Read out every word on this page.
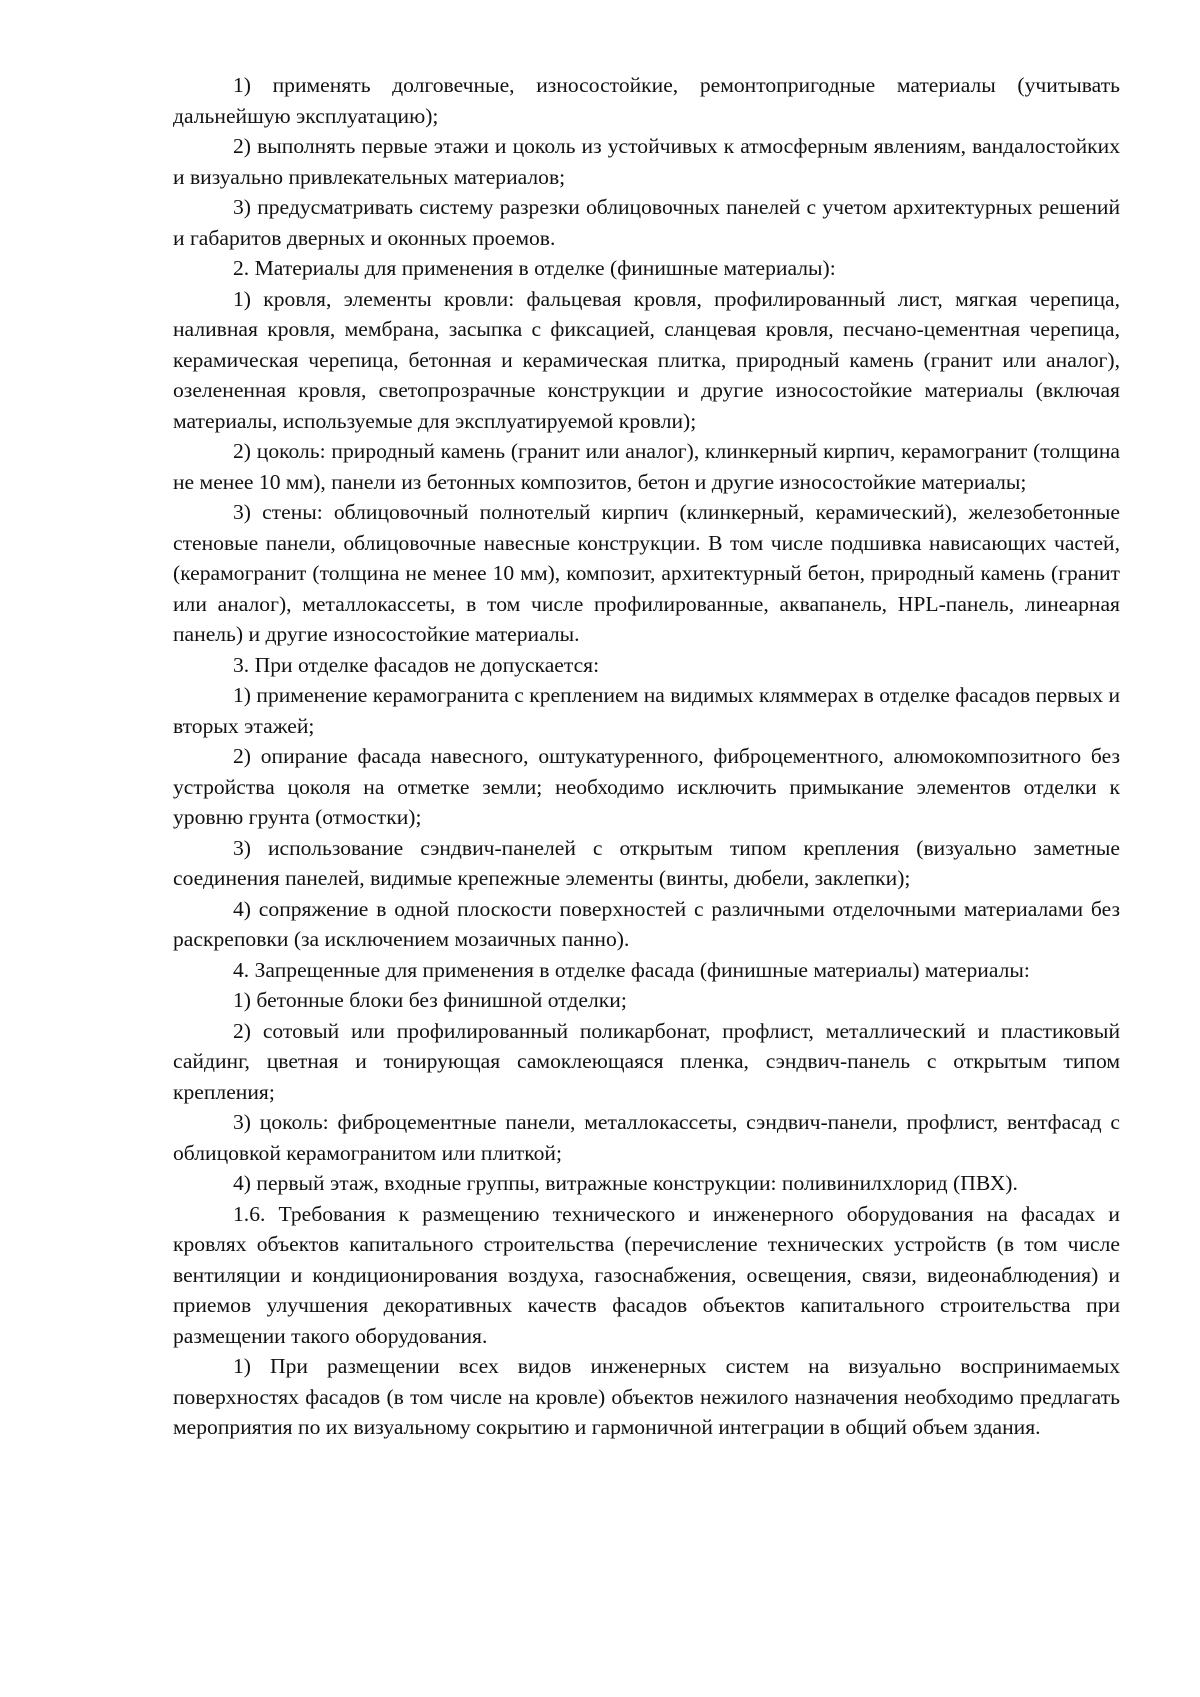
1) применять долговечные, износостойкие, ремонтопригодные материалы (учитывать дальнейшую эксплуатацию);

2) выполнять первые этажи и цоколь из устойчивых к атмосферным явлениям, вандалостойких и визуально привлекательных материалов;

3) предусматривать систему разрезки облицовочных панелей с учетом архитектурных решений и габаритов дверных и оконных проемов.

2. Материалы для применения в отделке (финишные материалы):

1) кровля, элементы кровли: фальцевая кровля, профилированный лист, мягкая черепица, наливная кровля, мембрана, засыпка с фиксацией, сланцевая кровля, песчано-цементная черепица, керамическая черепица, бетонная и керамическая плитка, природный камень (гранит или аналог), озелененная кровля, светопрозрачные конструкции и другие износостойкие материалы (включая материалы, используемые для эксплуатируемой кровли);

2) цоколь: природный камень (гранит или аналог), клинкерный кирпич, керамогранит (толщина не менее 10 мм), панели из бетонных композитов, бетон и другие износостойкие материалы;

3) стены: облицовочный полнотелый кирпич (клинкерный, керамический), железобетонные стеновые панели, облицовочные навесные конструкции. В том числе подшивка нависающих частей, (керамогранит (толщина не менее 10 мм), композит, архитектурный бетон, природный камень (гранит или аналог), металлокассеты, в том числе профилированные, аквапанель, HPL-панель, линеарная панель) и другие износостойкие материалы.

3. При отделке фасадов не допускается:

1) применение керамогранита с креплением на видимых кляммерах в отделке фасадов первых и вторых этажей;

2) опирание фасада навесного, оштукатуренного, фиброцементного, алюмокомпозитного без устройства цоколя на отметке земли; необходимо исключить примыкание элементов отделки к уровню грунта (отмостки);

3) использование сэндвич-панелей с открытым типом крепления (визуально заметные соединения панелей, видимые крепежные элементы (винты, дюбели, заклепки);

4) сопряжение в одной плоскости поверхностей с различными отделочными материалами без раскреповки (за исключением мозаичных панно).

4. Запрещенные для применения в отделке фасада (финишные материалы) материалы:

1) бетонные блоки без финишной отделки;

2) сотовый или профилированный поликарбонат, профлист, металлический и пластиковый сайдинг, цветная и тонирующая самоклеющаяся пленка, сэндвич-панель с открытым типом крепления;

3) цоколь: фиброцементные панели, металлокассеты, сэндвич-панели, профлист, вентфасад с облицовкой керамогранитом или плиткой;

4) первый этаж, входные группы, витражные конструкции: поливинилхлорид (ПВХ).

1.6. Требования к размещению технического и инженерного оборудования на фасадах и кровлях объектов капитального строительства (перечисление технических устройств (в том числе вентиляции и кондиционирования воздуха, газоснабжения, освещения, связи, видеонаблюдения) и приемов улучшения декоративных качеств фасадов объектов капитального строительства при размещении такого оборудования.

1) При размещении всех видов инженерных систем на визуально воспринимаемых поверхностях фасадов (в том числе на кровле) объектов нежилого назначения необходимо предлагать мероприятия по их визуальному сокрытию и гармоничной интеграции в общий объем здания.
